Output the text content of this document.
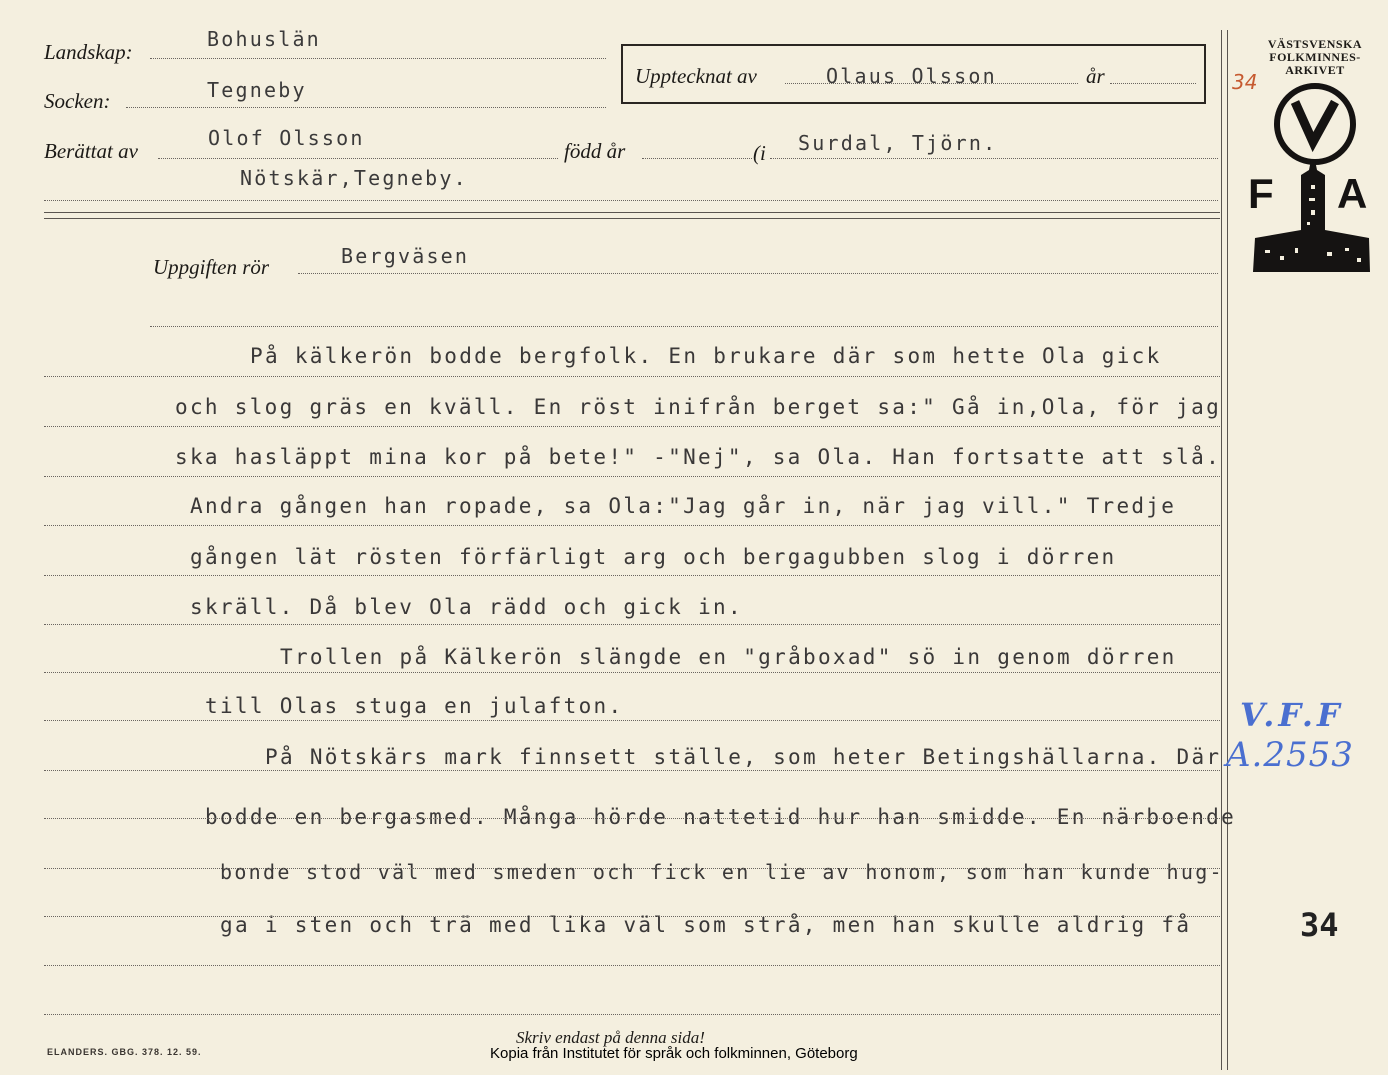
Landskap:
Bohuslän
Socken:	Tegneby
Upptecknat av	Olaus Olsson	år
Berättat av
Olof Olsson
född år	(i Surdal, Tjörn.
Nötskär,Tegneby.
Uppgiften rör	Bergväsen
VÄSTSVENSKA
FOLKMINNES-
ARKIVET
F A
34
På kälkerön bodde bergfolk. En brukare där som hette Ola gick
och slog gräs en kväll. En röst inifrån berget sa:" Gå in,Ola, för jag
ska hasläppt mina kor på bete!" -"Nej", sa Ola. Han fortsatte att slå.
Andra gången han ropade, sa Ola:"Jag går in, när jag vill." Tredje
gången lät rösten förfärligt arg och bergagubben slog i dörren
skräll. Då blev Ola rädd och gick in.
Trollen på Kälkerön slängde en "gråboxad" sö in genom dörren
till Olas stuga en julafton.
På Nötskärs mark finnsett ställe, som heter Betingshällarna. Där
bodde en bergasmed. Många hörde nattetid hur han smidde. En närboende
bonde stod väl med smeden och fick en lie av honom, som han kunde hug-
ga i sten och trä med lika väl som strå, men han skulle aldrig få
V.F.F
A.2553
34
ELANDERS. GBG. 378. 12. 59.
Skriv endast på denna sida!
Kopia från Institutet för språk och folkminnen, Göteborg
